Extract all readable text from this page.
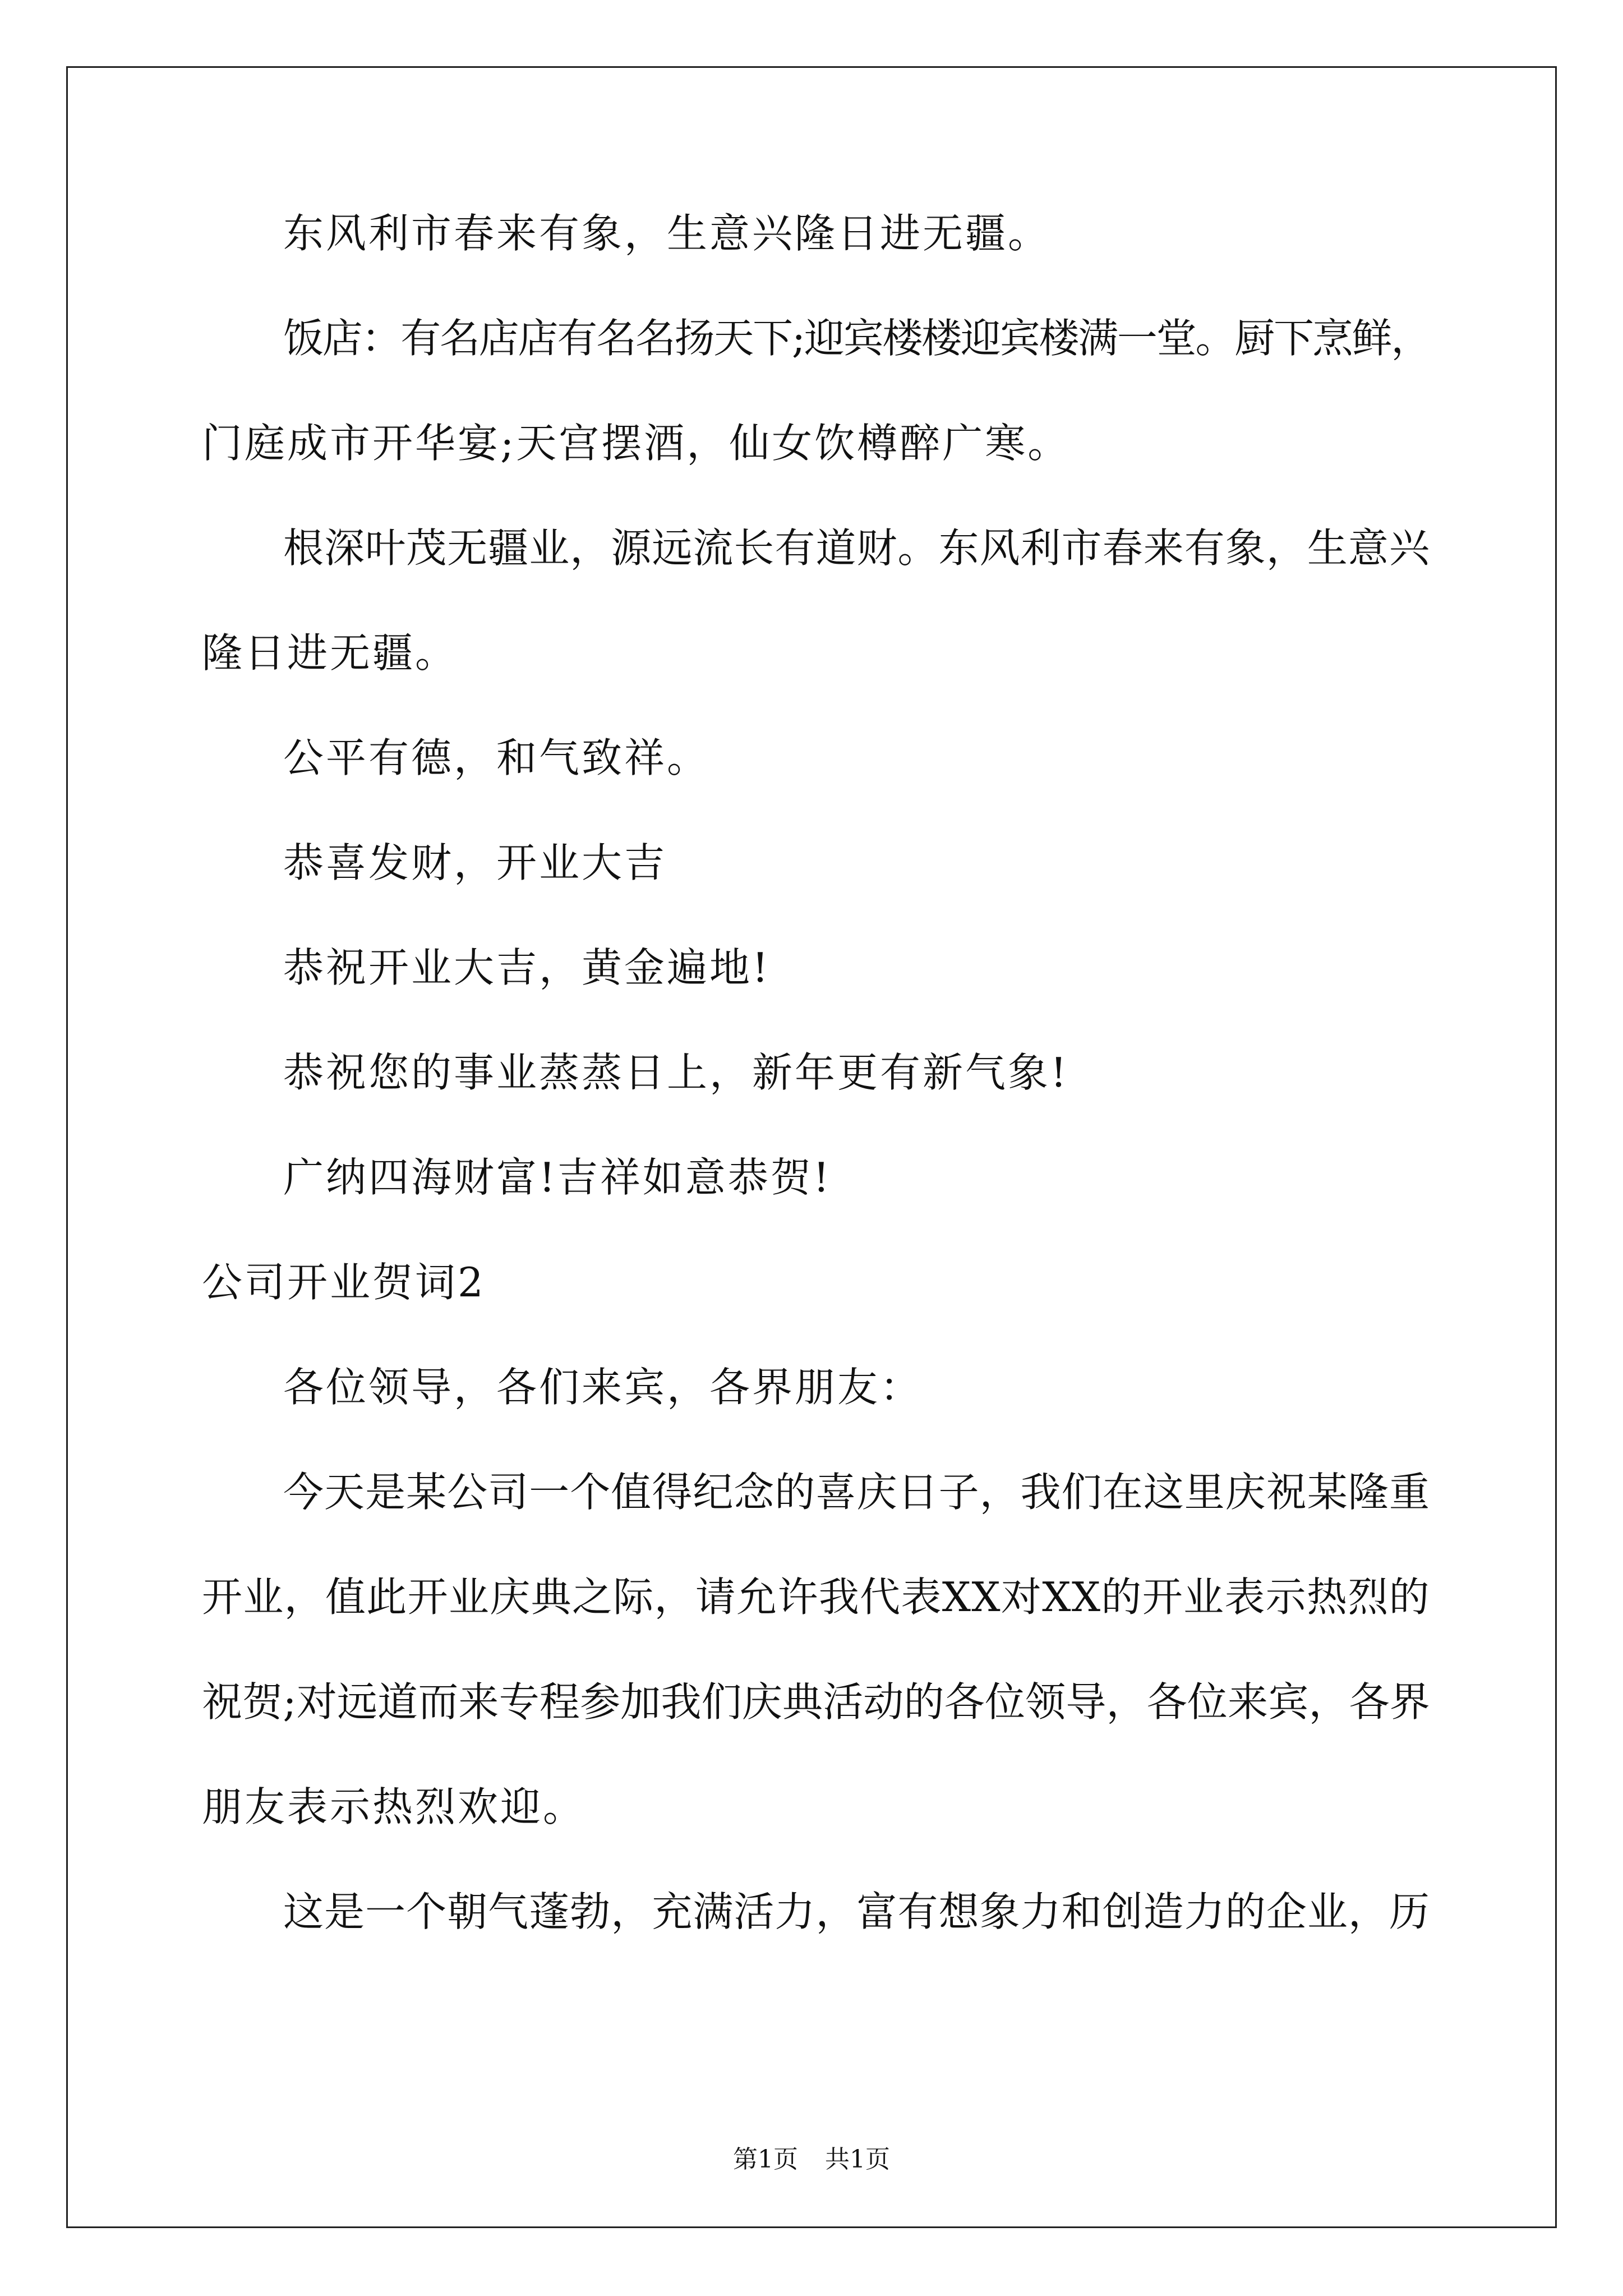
东风利市春来有象，生意兴隆日进无疆。
饭店：有名店店有名名扬天下;迎宾楼楼迎宾楼满一堂。厨下烹鲜，
门庭成市开华宴;天宫摆酒，仙女饮樽醉广寒。
根深叶茂无疆业，源远流长有道财。东风利市春来有象，生意兴
隆日进无疆。
公平有德，和气致祥。
恭喜发财，开业大吉
恭祝开业大吉，黄金遍地!
恭祝您的事业蒸蒸日上，新年更有新气象!
广纳四海财富!吉祥如意恭贺!
公司开业贺词2
各位领导，各们来宾，各界朋友：
今天是某公司一个值得纪念的喜庆日子，我们在这里庆祝某隆重
开业，值此开业庆典之际，请允许我代表XX对XX的开业表示热烈的
祝贺;对远道而来专程参加我们庆典活动的各位领导，各位来宾，各界
朋友表示热烈欢迎。
这是一个朝气蓬勃，充满活力，富有想象力和创造力的企业，历
第1页 共1页
